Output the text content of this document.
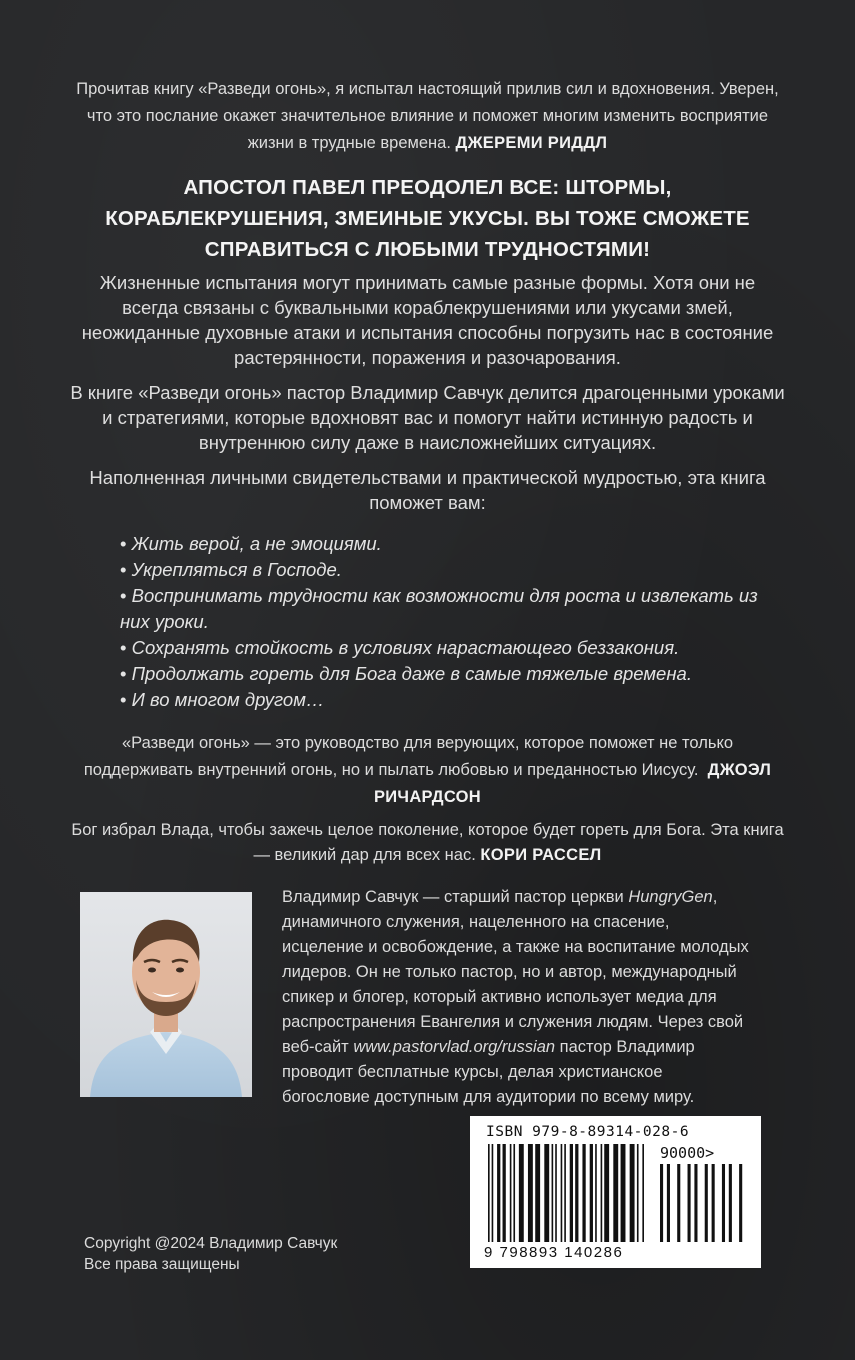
Прочитав книгу «Разведи огонь», я испытал настоящий прилив сил и вдохновения. Уверен, что это послание окажет значительное влияние и поможет многим изменить восприятие жизни в трудные времена. ДЖЕРЕМИ РИДДЛ
АПОСТОЛ ПАВЕЛ ПРЕОДОЛЕЛ ВСЕ: ШТОРМЫ, КОРАБЛЕКРУШЕНИЯ, ЗМЕИНЫЕ УКУСЫ. ВЫ ТОЖЕ СМОЖЕТЕ СПРАВИТЬСЯ С ЛЮБЫМИ ТРУДНОСТЯМИ!
Жизненные испытания могут принимать самые разные формы. Хотя они не всегда связаны с буквальными кораблекрушениями или укусами змей, неожиданные духовные атаки и испытания способны погрузить нас в состояние растерянности, поражения и разочарования.
В книге «Разведи огонь» пастор Владимир Савчук делится драгоценными уроками и стратегиями, которые вдохновят вас и помогут найти истинную радость и внутреннюю силу даже в наисложнейших ситуациях.
Наполненная личными свидетельствами и практической мудростью, эта книга поможет вам:
• Жить верой, а не эмоциями.
• Укрепляться в Господе.
• Воспринимать трудности как возможности для роста и извлекать из них уроки.
• Сохранять стойкость в условиях нарастающего беззакония.
• Продолжать гореть для Бога даже в самые тяжелые времена.
• И во многом другом…
«Разведи огонь» — это руководство для верующих, которое поможет не только поддерживать внутренний огонь, но и пылать любовью и преданностью Иисусу. ДЖОЭЛ РИЧАРДСОН
Бог избрал Влада, чтобы зажечь целое поколение, которое будет гореть для Бога. Эта книга — великий дар для всех нас. КОРИ РАССЕЛ
Владимир Савчук — старший пастор церкви HungryGen, динамичного служения, нацеленного на спасение, исцеление и освобождение, а также на воспитание молодых лидеров. Он не только пастор, но и автор, международный спикер и блогер, который активно использует медиа для распространения Евангелия и служения людям. Через свой веб-сайт www.pastorvlad.org/russian пастор Владимир проводит бесплатные курсы, делая христианское богословие доступным для аудитории по всему миру.
ISBN 979-8-89314-028-6
90000>
9 798893 140286
Copyright @2024 Владимир Савчук
Все права защищены
